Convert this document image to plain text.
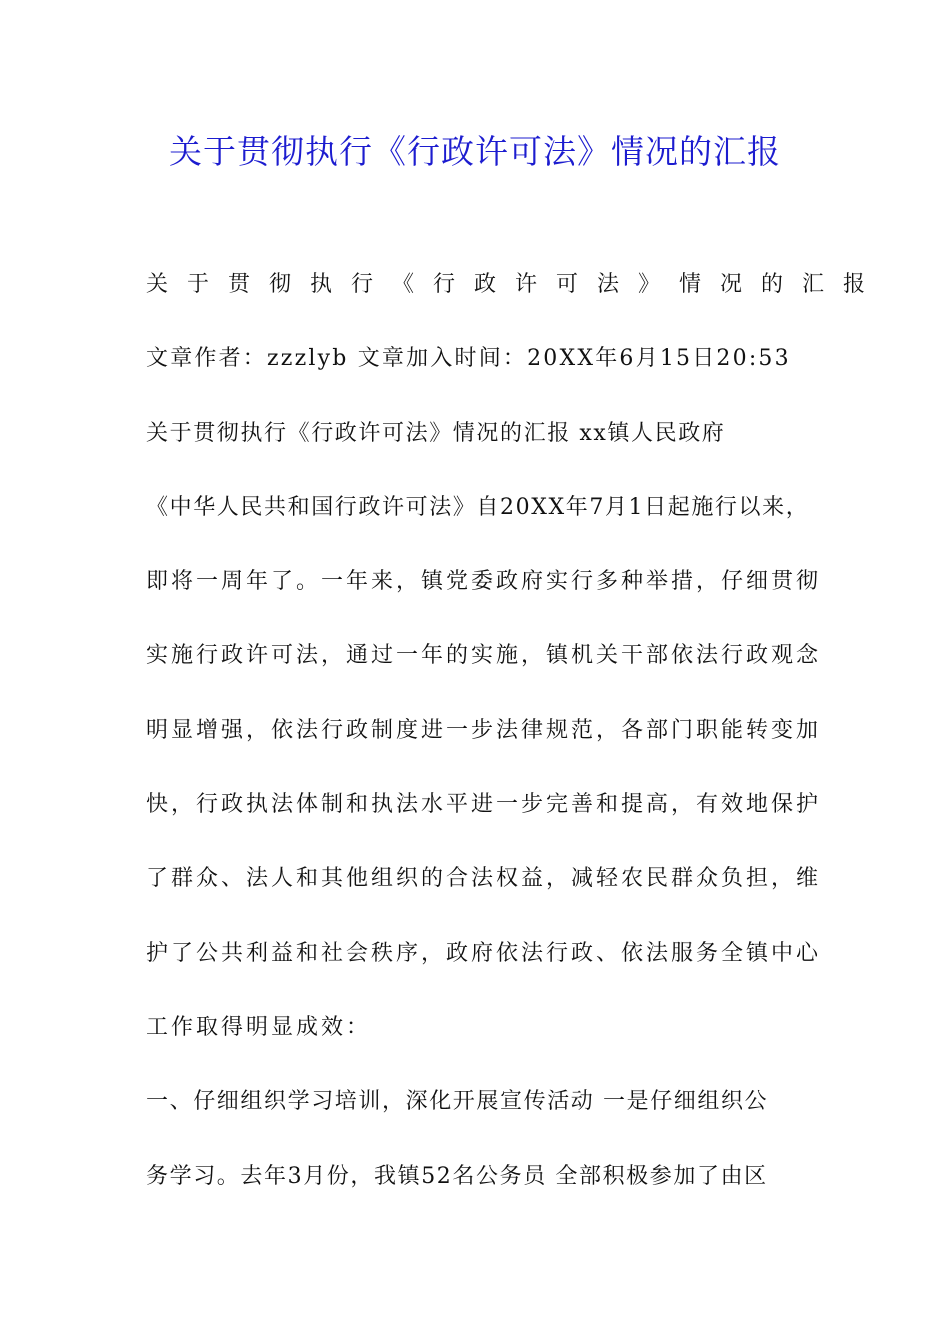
关于贯彻执行《行政许可法》情况的汇报
关于贯彻执行《行政许可法》情况的汇报
文章作者：zzzlyb 文章加入时间：20XX年6月15日20:53
关于贯彻执行《行政许可法》情况的汇报 xx镇人民政府
《中华人民共和国行政许可法》自20XX年7月1日起施行以来，
即将一周年了。一年来，镇党委政府实行多种举措，仔细贯彻
实施行政许可法，通过一年的实施，镇机关干部依法行政观念
明显增强，依法行政制度进一步法律规范，各部门职能转变加
快，行政执法体制和执法水平进一步完善和提高，有效地保护
了群众、法人和其他组织的合法权益，减轻农民群众负担，维
护了公共利益和社会秩序，政府依法行政、依法服务全镇中心
工作取得明显成效：
一、仔细组织学习培训，深化开展宣传活动 一是仔细组织公
务学习。去年3月份，我镇52名公务员 全部积极参加了由区
